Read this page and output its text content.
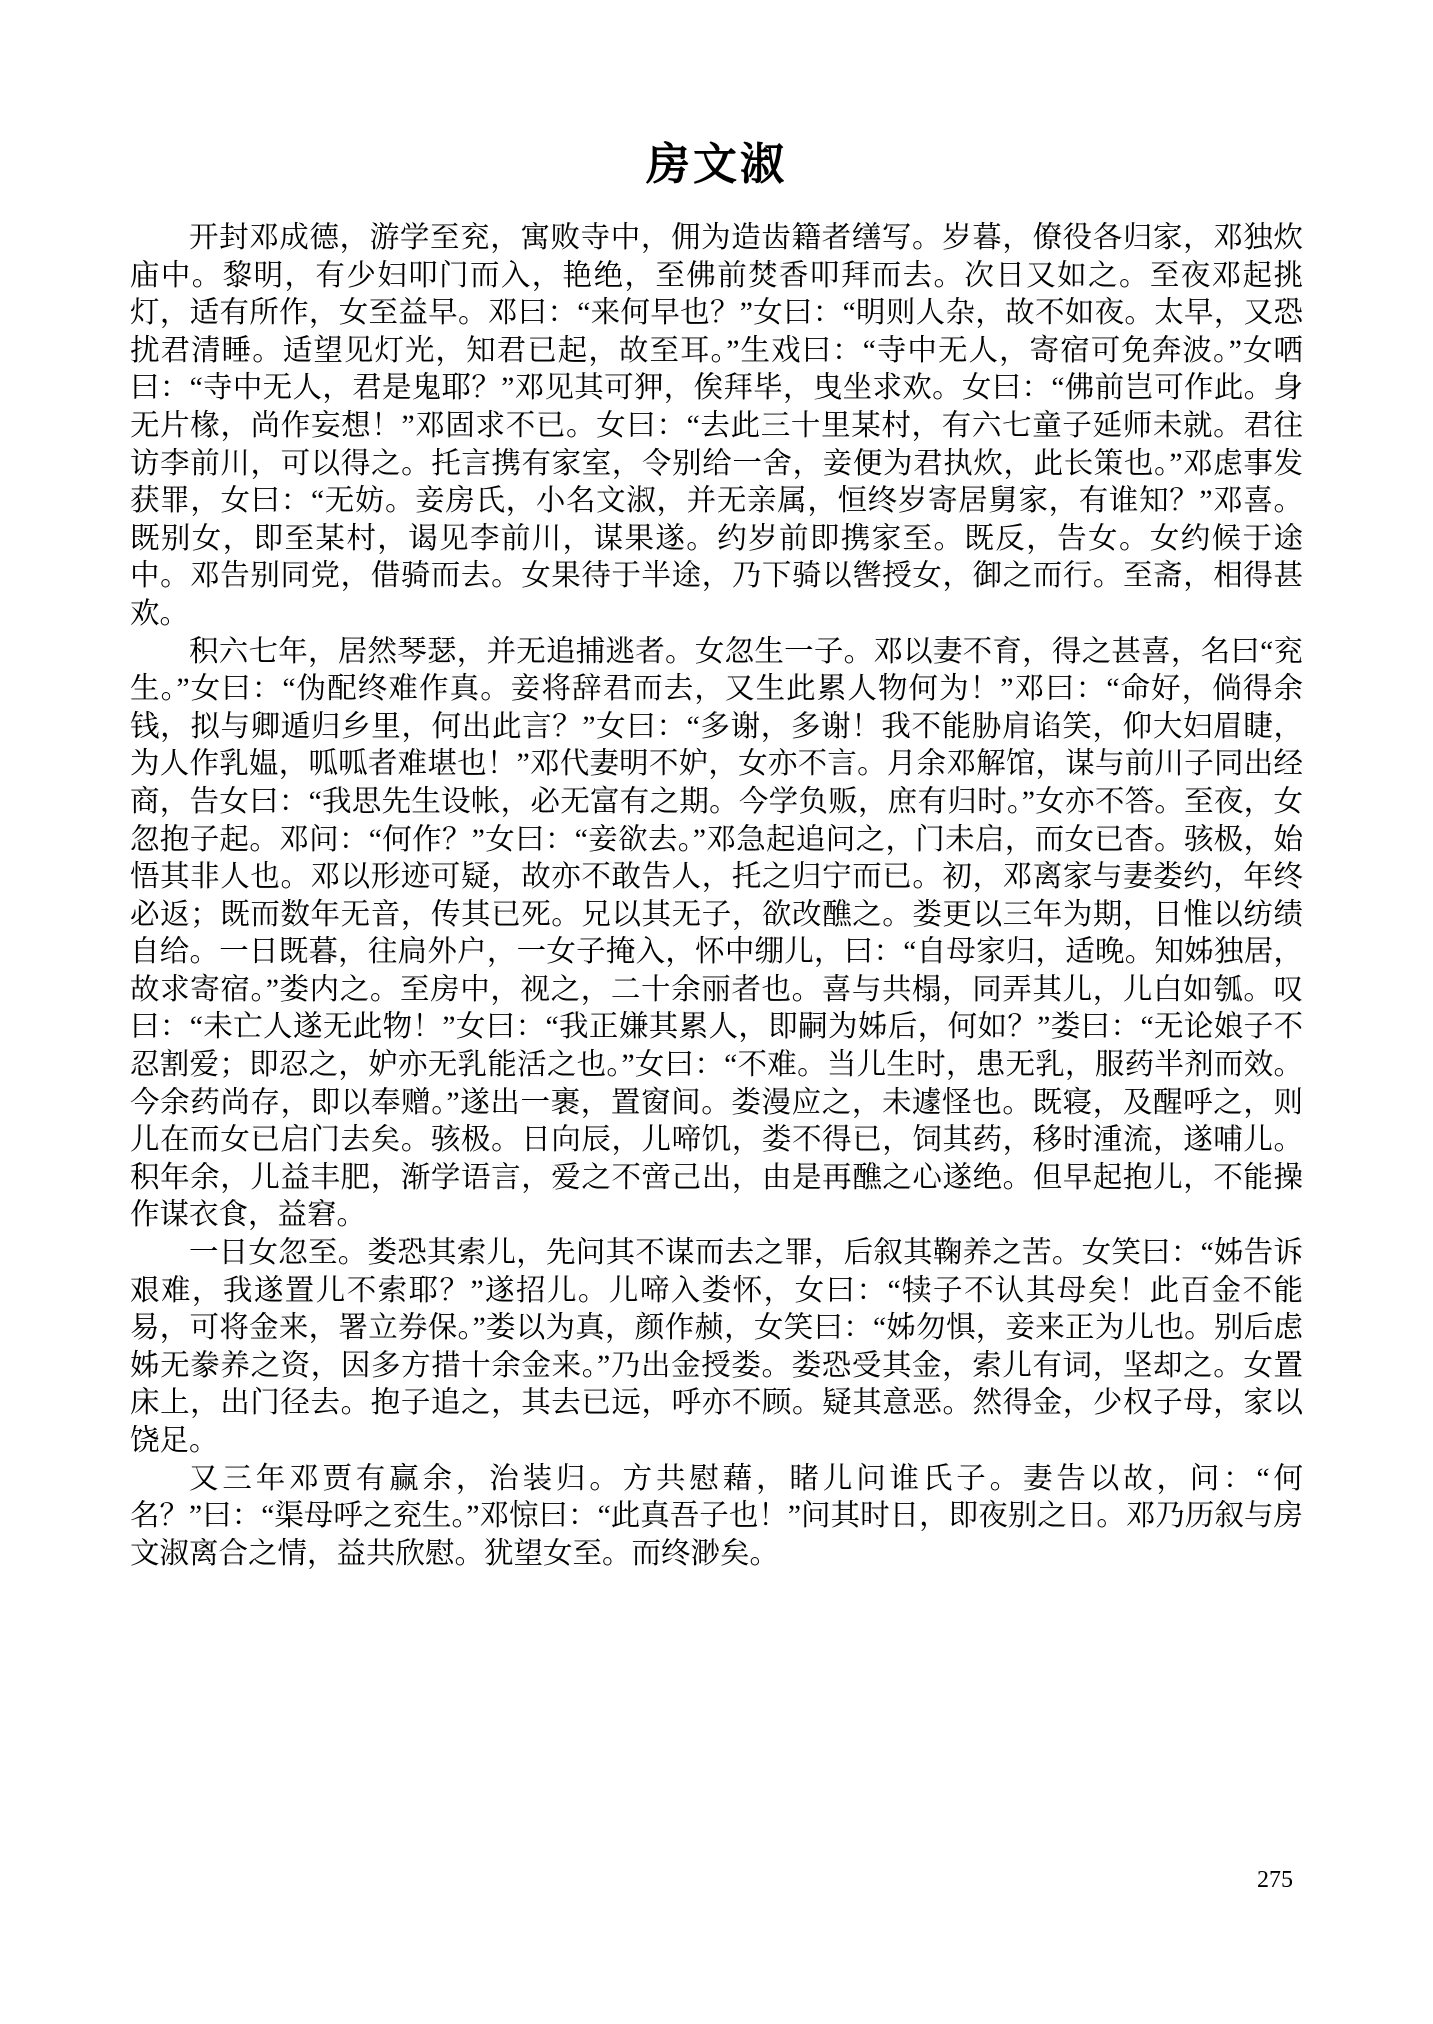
房文淑

开封邓成德，游学至兖，寓败寺中，佣为造齿籍者缮写。岁暮，僚役各归家，邓独炊庙中。黎明，有少妇叩门而入，艳绝，至佛前焚香叩拜而去。次日又如之。至夜邓起挑灯，适有所作，女至益早。邓曰：“来何早也？”女曰：“明则人杂，故不如夜。太早，又恐扰君清睡。适望见灯光，知君已起，故至耳。”生戏曰：“寺中无人，寄宿可免奔波。”女哂曰：“寺中无人，君是鬼耶？”邓见其可狎，俟拜毕，曳坐求欢。女曰：“佛前岂可作此。身无片椽，尚作妄想！”邓固求不已。女曰：“去此三十里某村，有六七童子延师未就。君往访李前川，可以得之。托言携有家室，令别给一舍，妾便为君执炊，此长策也。”邓虑事发获罪，女曰：“无妨。妾房氏，小名文淑，并无亲属，恒终岁寄居舅家，有谁知？”邓喜。既别女，即至某村，谒见李前川，谋果遂。约岁前即携家至。既反，告女。女约候于途中。邓告别同党，借骑而去。女果待于半途，乃下骑以辔授女，御之而行。至斋，相得甚欢。

积六七年，居然琴瑟，并无追捕逃者。女忽生一子。邓以妻不育，得之甚喜，名曰“兖生。”女曰：“伪配终难作真。妾将辞君而去，又生此累人物何为！”邓曰：“命好，倘得余钱，拟与卿遁归乡里，何出此言？”女曰：“多谢，多谢！我不能胁肩谄笑，仰大妇眉睫，为人作乳媪，呱呱者难堪也！”邓代妻明不妒，女亦不言。月余邓解馆，谋与前川子同出经商，告女曰：“我思先生设帐，必无富有之期。今学负贩，庶有归时。”女亦不答。至夜，女忽抱子起。邓问：“何作？”女曰：“妾欲去。”邓急起追问之，门未启，而女已杳。骇极，始悟其非人也。邓以形迹可疑，故亦不敢告人，托之归宁而已。初，邓离家与妻娄约，年终必返；既而数年无音，传其已死。兄以其无子，欲改醮之。娄更以三年为期，日惟以纺绩自给。一日既暮，往扃外户，一女子掩入，怀中绷儿，曰：“自母家归，适晚。知姊独居，故求寄宿。”娄内之。至房中，视之，二十余丽者也。喜与共榻，同弄其儿，儿白如瓠。叹曰：“未亡人遂无此物！”女曰：“我正嫌其累人，即嗣为姊后，何如？”娄曰：“无论娘子不忍割爱；即忍之，妒亦无乳能活之也。”女曰：“不难。当儿生时，患无乳，服药半剂而效。今余药尚存，即以奉赠。”遂出一裹，置窗间。娄漫应之，未遽怪也。既寝，及醒呼之，则儿在而女已启门去矣。骇极。日向辰，儿啼饥，娄不得已，饲其药，移时湩流，遂哺儿。积年余，儿益丰肥，渐学语言，爱之不啻己出，由是再醮之心遂绝。但早起抱儿，不能操作谋衣食，益窘。

一日女忽至。娄恐其索儿，先问其不谋而去之罪，后叙其鞠养之苦。女笑曰：“姊告诉艰难，我遂置儿不索耶？”遂招儿。儿啼入娄怀，女曰：“犊子不认其母矣！此百金不能易，可将金来，署立券保。”娄以为真，颜作赪，女笑曰：“姊勿惧，妾来正为儿也。别后虑姊无豢养之资，因多方措十余金来。”乃出金授娄。娄恐受其金，索儿有词，坚却之。女置床上，出门径去。抱子追之，其去已远，呼亦不顾。疑其意恶。然得金，少权子母，家以饶足。

又三年邓贾有赢余，治装归。方共慰藉，睹儿问谁氏子。妻告以故，问：“何名？”曰：“渠母呼之兖生。”邓惊曰：“此真吾子也！”问其时日，即夜别之日。邓乃历叙与房文淑离合之情，益共欣慰。犹望女至。而终渺矣。

275
